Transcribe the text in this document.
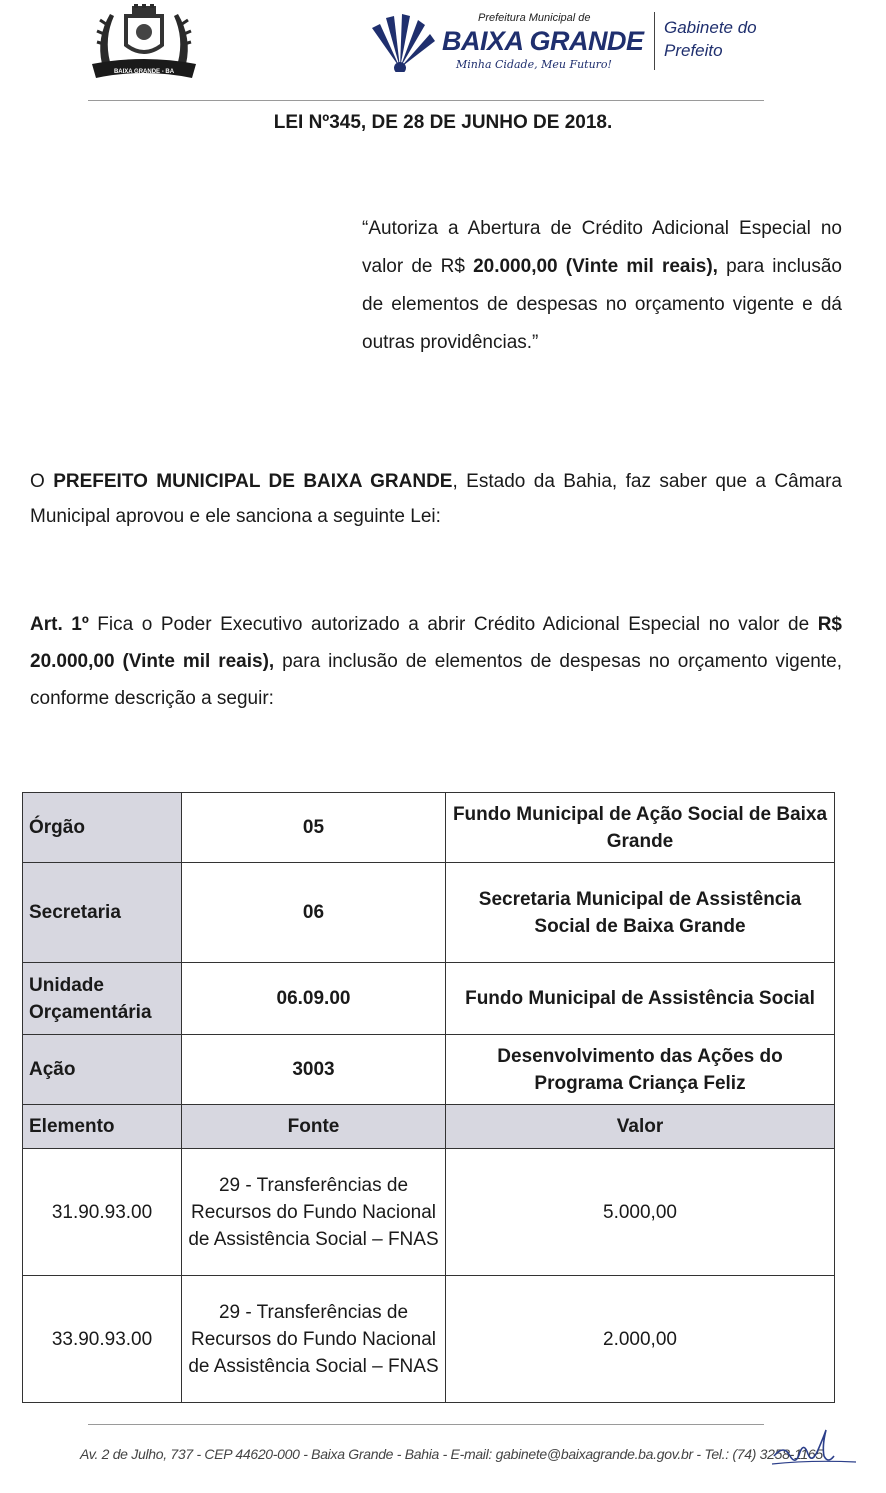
BAIXA GRANDE - BA
Prefeitura Municipal de
BAIXA GRANDE
Minha Cidade, Meu Futuro!
Gabinete do
Prefeito
LEI Nº345, DE 28 DE JUNHO DE 2018.
“Autoriza a Abertura de Crédito Adicional Especial no valor de R$ 20.000,00 (Vinte mil reais), para inclusão de elementos de despesas no orçamento vigente e dá outras providências.”
O PREFEITO MUNICIPAL DE BAIXA GRANDE, Estado da Bahia, faz saber que a Câmara Municipal aprovou e ele sanciona a seguinte Lei:
Art. 1º Fica o Poder Executivo autorizado a abrir Crédito Adicional Especial no valor de R$ 20.000,00 (Vinte mil reais), para inclusão de elementos de despesas no orçamento vigente, conforme descrição a seguir:
Órgão	05	Fundo Municipal de Ação Social de Baixa Grande
Secretaria	06	Secretaria Municipal de Assistência Social de Baixa Grande
Unidade Orçamentária	06.09.00	Fundo Municipal de Assistência Social
Ação	3003	Desenvolvimento das Ações do Programa Criança Feliz
Elemento	Fonte	Valor
31.90.93.00	29 - Transferências de Recursos do Fundo Nacional de Assistência Social – FNAS	5.000,00
33.90.93.00	29 - Transferências de Recursos do Fundo Nacional de Assistência Social – FNAS	2.000,00
Av. 2 de Julho, 737 - CEP 44620-000 - Baixa Grande - Bahia - E-mail: gabinete@baixagrande.ba.gov.br - Tel.: (74) 3258-1165
